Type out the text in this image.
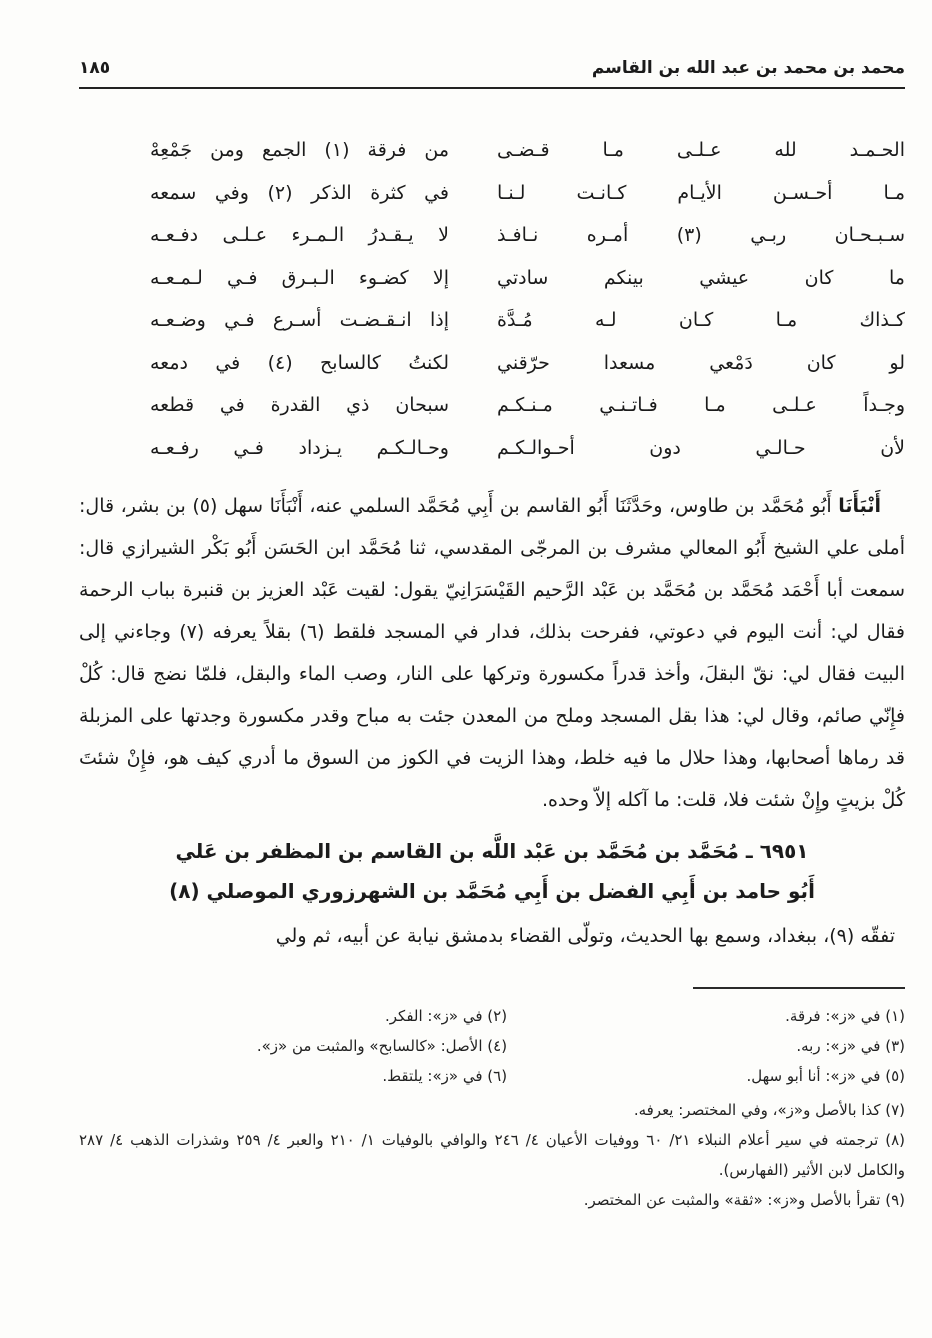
محمد بن محمد بن عبد الله بن القاسم
١٨٥
الحـمـد لله عـلـى مـا قـضـى
من فرقة (١) الجمع ومن جَمْعِهْ
مـا أحـسـن الأيـام كـانـت لـنـا
في كثرة الذكر (٢) وفي سمعه
سـبـحـان ربـي (٣) أمـره نـافـذ
لا يـقـدرُ الـمـرء عـلـى دفـعـه
ما كان عيشي بينكم سادتي
إلا كضـوء الـبـرق فـي لـمـعـه
كـذاك مـا كـان لـه مُـدَّة
إذا انـقـضـت أسـرع فـي وضـعـه
لو كان دَمْعي مسعدا حرّقني
لكنتُ كالسابح (٤) في دمعه
وجـداً عـلـى مـا فـاتـنـي مـنـكـم
سبحان ذي القدرة في قطعه
لأن حـالـي دون أحـوالـكـم
وحـالـكـم يـزداد فـي رفـعـه

أَنْبَأَنَا أَبُو مُحَمَّد بن طاوس، وحَدَّثَنَا أَبُو القاسم بن أَبِي مُحَمَّد السلمي عنه، أَنْبَأَنَا سهل (٥) بن بشر، قال: أملى علي الشيخ أَبُو المعالي مشرف بن المرجّى المقدسي، ثنا مُحَمَّد ابن الحَسَن أَبُو بَكْر الشيرازي قال: سمعت أبا أَحْمَد مُحَمَّد بن مُحَمَّد بن عَبْد الرَّحيم القَيْسَرَانِيّ يقول: لقيت عَبْد العزيز بن قنبرة بباب الرحمة فقال لي: أنت اليوم في دعوتي، ففرحت بذلك، فدار في المسجد فلقط (٦) بقلاً يعرفه (٧) وجاءني إلى البيت فقال لي: نقّ البقلَ، وأخذ قدراً مكسورة وتركها على النار، وصب الماء والبقل، فلمّا نضج قال: كُلْ فإِنّي صائم، وقال لي: هذا بقل المسجد وملح من المعدن جئت به مباح وقدر مكسورة وجدتها على المزبلة قد رماها أصحابها، وهذا حلال ما فيه خلط، وهذا الزيت في الكوز من السوق ما أدري كيف هو، فإِنْ شئتَ كُلْ بزيتٍ وإِنْ شئت فلا، قلت: ما آكله إلاّ وحده.

٦٩٥١ ـ مُحَمَّد بن مُحَمَّد بن عَبْد اللَّه بن القاسم بن المظفر بن عَلي
أَبُو حامد بن أَبِي الفضل بن أَبِي مُحَمَّد بن الشهرزوري الموصلي (٨)

تفقّه (٩)، ببغداد، وسمع بها الحديث، وتولّى القضاء بدمشق نيابة عن أبيه، ثم ولي

(١) في «ز»: فرقة.
(٢) في «ز»: الفكر.
(٣) في «ز»: ربه.
(٤) الأصل: «كالسابح» والمثبت من «ز».
(٥) في «ز»: أنا أبو سهل.
(٦) في «ز»: يلتقط.
(٧) كذا بالأصل و«ز»، وفي المختصر: يعرفه.
(٨) ترجمته في سير أعلام النبلاء ٢١/ ٦٠ ووفيات الأعيان ٤/ ٢٤٦ والوافي بالوفيات ١/ ٢١٠ والعبر ٤/ ٢٥٩ وشذرات الذهب ٤/ ٢٨٧ والكامل لابن الأثير (الفهارس).
(٩) تقرأ بالأصل و«ز»: «ثقة» والمثبت عن المختصر.
